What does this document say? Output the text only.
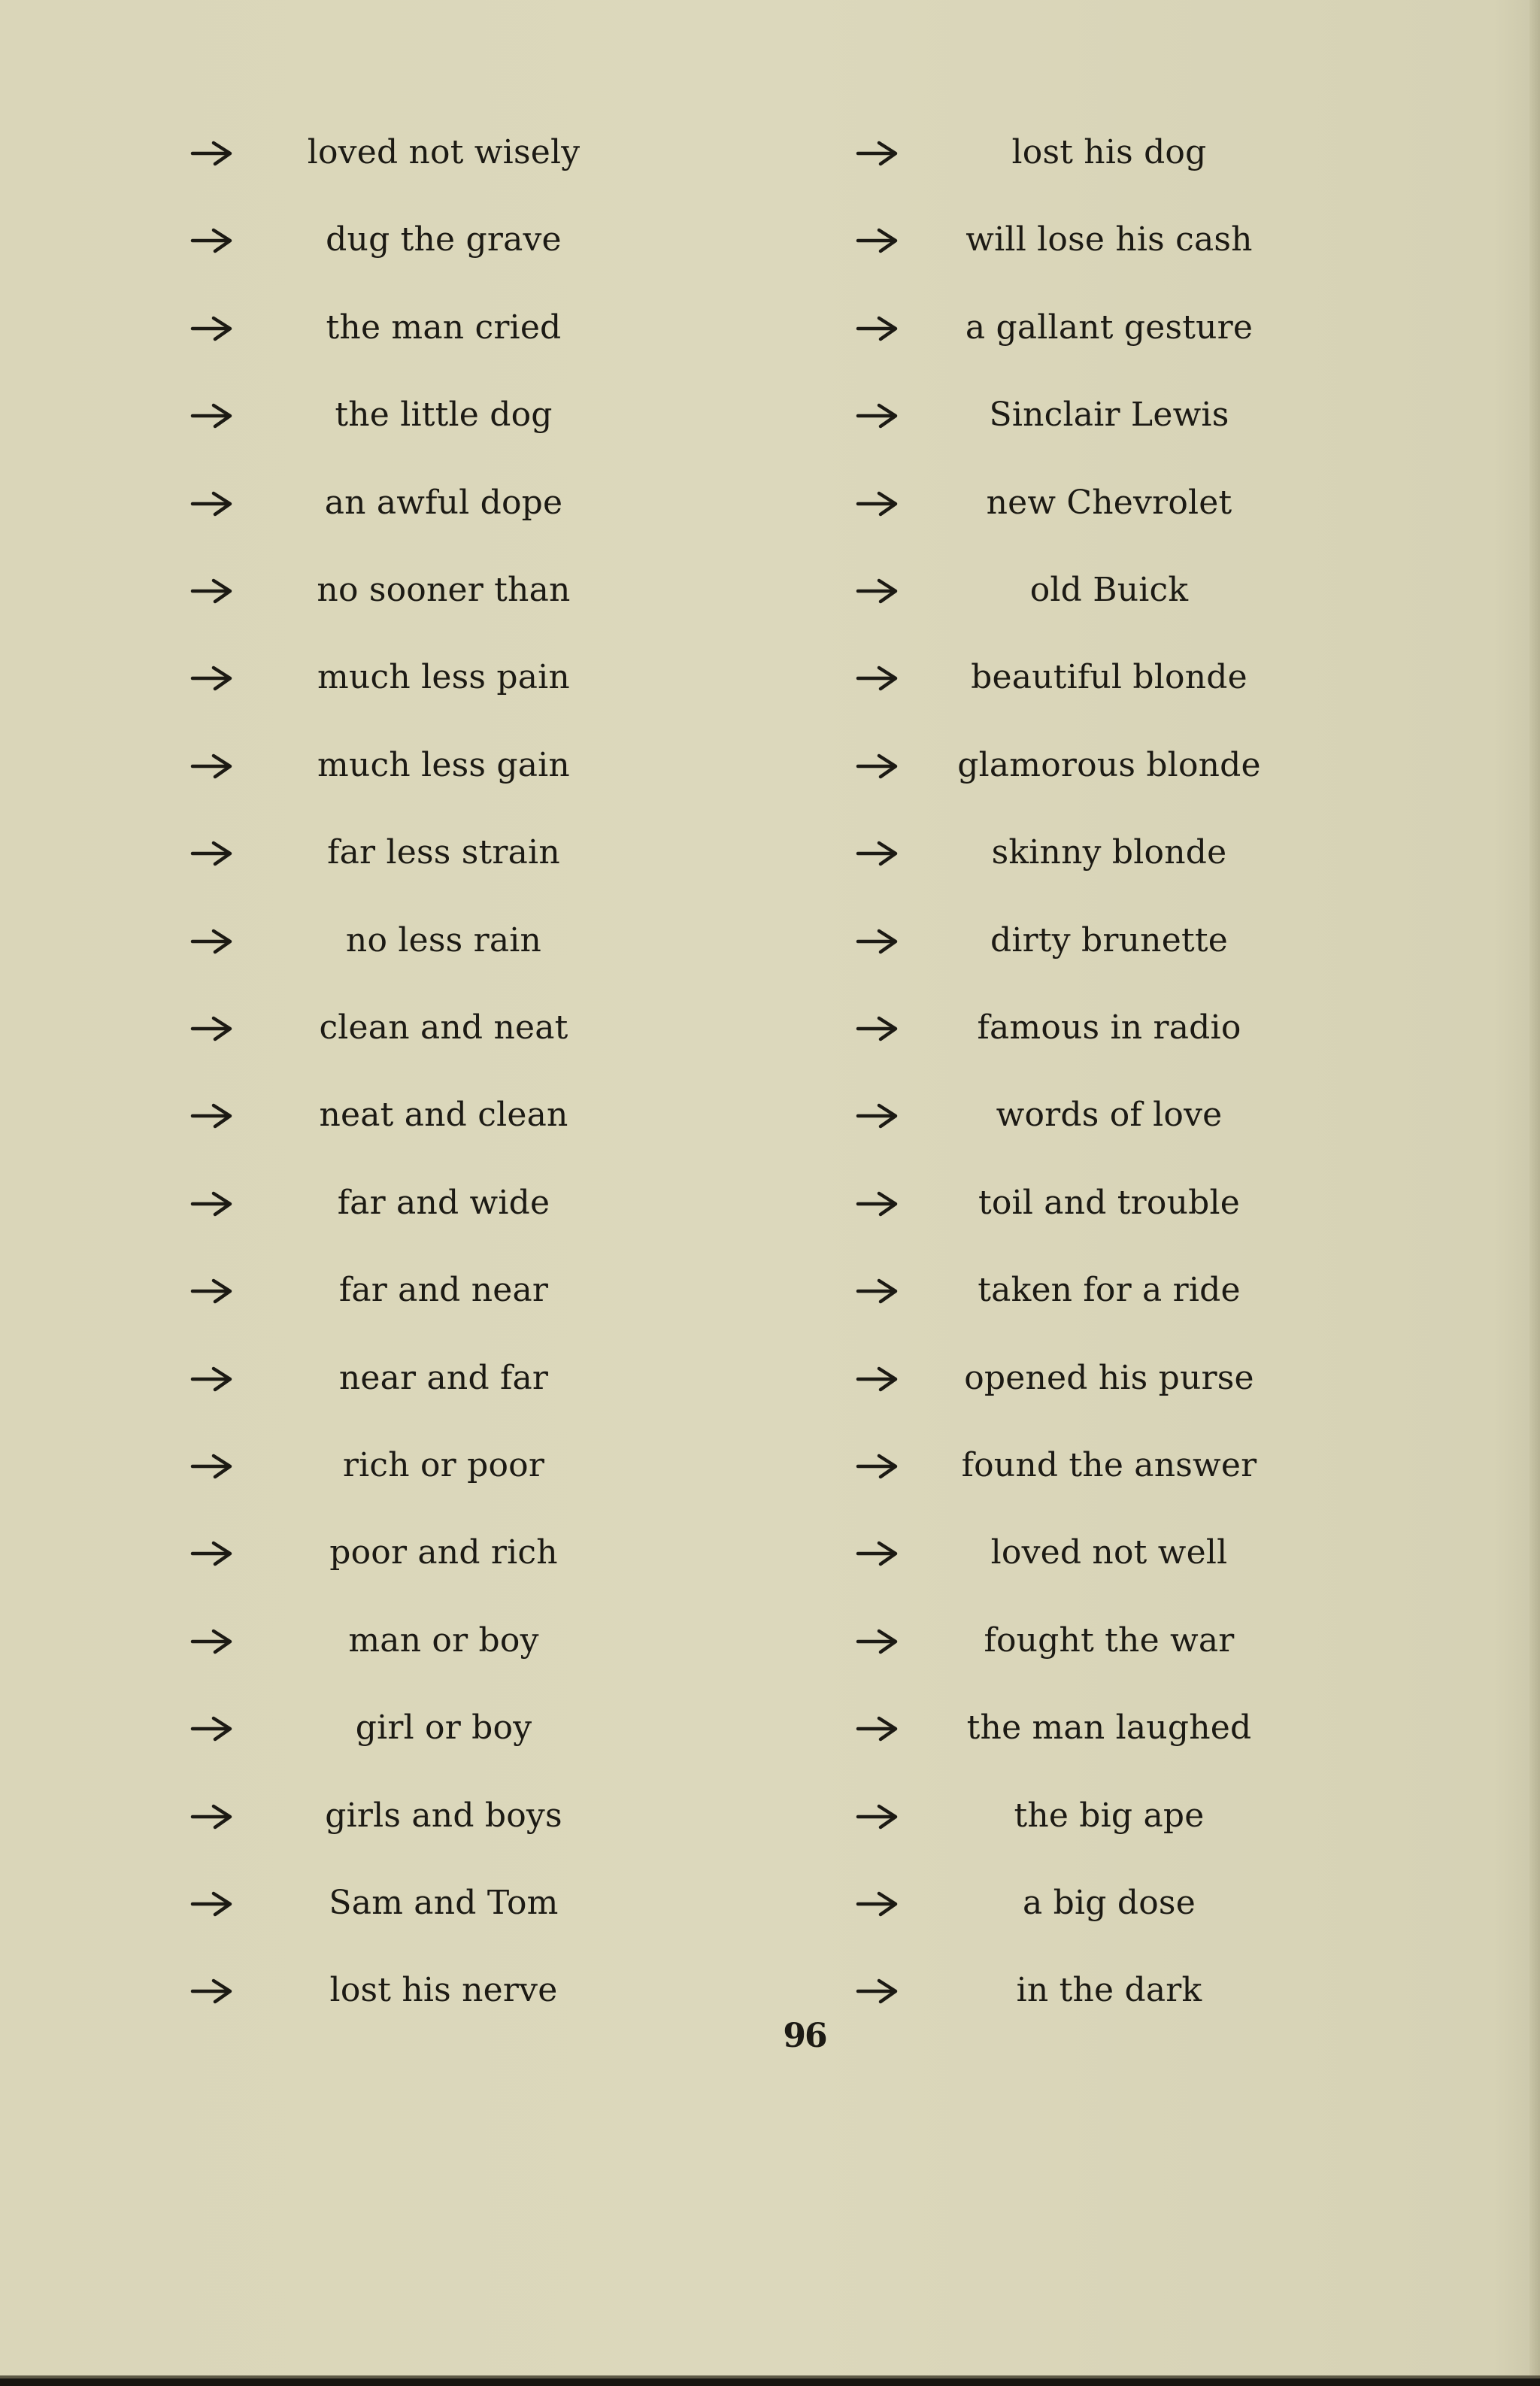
loved not wisely
dug the grave
the man cried
the little dog
an awful dope
no sooner than
much less pain
much less gain
far less strain
no less rain
clean and neat
neat and clean
far and wide
far and near
near and far
rich or poor
poor and rich
man or boy
girl or boy
girls and boys
Sam and Tom
lost his nerve
lost his dog
will lose his cash
a gallant gesture
Sinclair Lewis
new Chevrolet
old Buick
beautiful blonde
glamorous blonde
skinny blonde
dirty brunette
famous in radio
words of love
toil and trouble
taken for a ride
opened his purse
found the answer
loved not well
fought the war
the man laughed
the big ape
a big dose
in the dark
96
